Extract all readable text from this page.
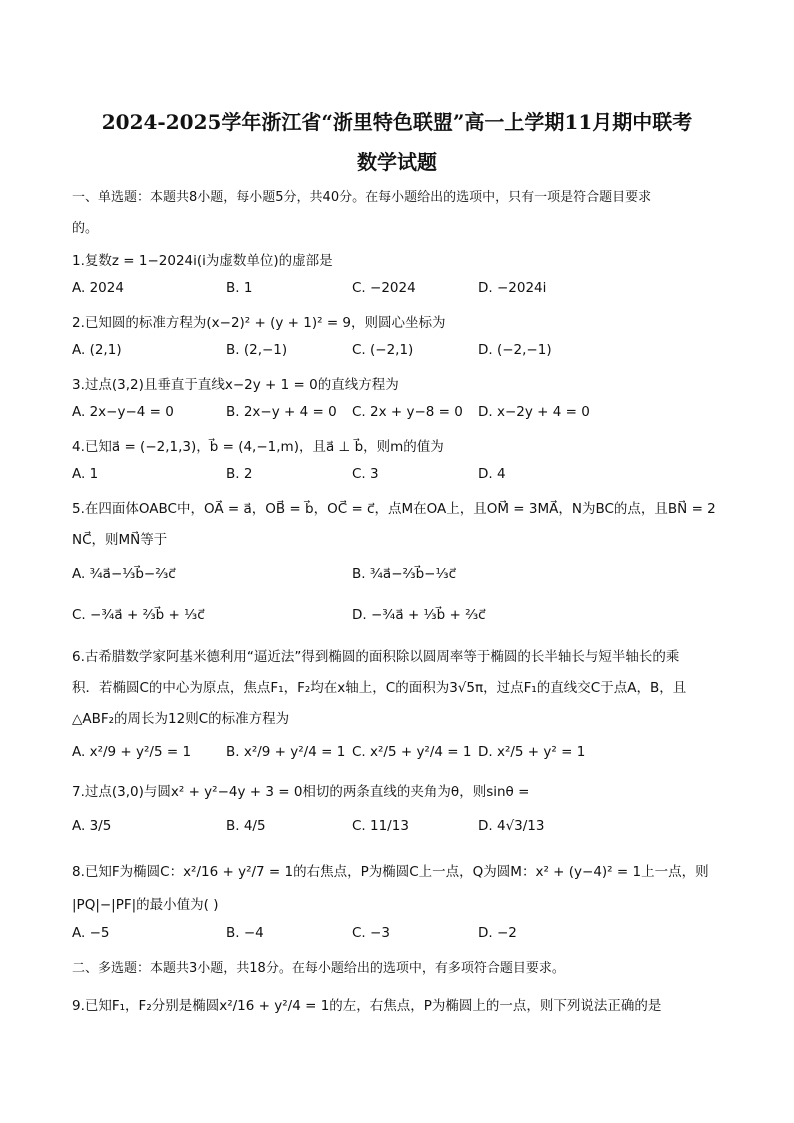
2024-2025学年浙江省“浙里特色联盟”高一上学期11月期中联考
数学试题
一、单选题：本题共8小题，每小题5分，共40分。在每小题给出的选项中，只有一项是符合题目要求
的。
1.复数z = 1−2024i(i为虚数单位)的虚部是
A. 2024	B. 1	C. −2024	D. −2024i
2.已知圆的标准方程为(x−2)² + (y + 1)² = 9，则圆心坐标为
A. (2,1)	B. (2,−1)	C. (−2,1)	D. (−2,−1)
3.过点(3,2)且垂直于直线x−2y + 1 = 0的直线方程为
A. 2x−y−4 = 0	B. 2x−y + 4 = 0 C. 2x + y−8 = 0 D. x−2y + 4 = 0
4.已知a⃗ = (−2,1,3)，b⃗ = (4,−1,m)，且a⃗ ⊥ b⃗，则m的值为
A. 1	B. 2	C. 3	D. 4
5.在四面体OABC中，OA⃗ = a⃗，OB⃗ = b⃗，OC⃗ = c⃗，点M在OA上，且OM⃗ = 3MA⃗，N为BC的点，且BN⃗ = 2
NC⃗，则MN⃗等于
A. ¾a⃗−⅓b⃗−⅔c⃗	B. ¾a⃗−⅔b⃗−⅓c⃗
C. −¾a⃗ + ⅔b⃗ + ⅓c⃗	D. −¾a⃗ + ⅓b⃗ + ⅔c⃗
6.古希腊数学家阿基米德利用“逼近法”得到椭圆的面积除以圆周率等于椭圆的长半轴长与短半轴长的乘
积．若椭圆C的中心为原点，焦点F₁，F₂均在x轴上，C的面积为3√5π，过点F₁的直线交C于点A，B，且
△ABF₂的周长为12则C的标准方程为
A. x²/9 + y²/5 = 1	B. x²/9 + y²/4 = 1 C. x²/5 + y²/4 = 1 D. x²/5 + y² = 1
7.过点(3,0)与圆x² + y²−4y + 3 = 0相切的两条直线的夹角为θ，则sinθ =
A. 3/5	B. 4/5	C. 11/13	D. 4√3/13
8.已知F为椭圆C：x²/16 + y²/7 = 1的右焦点，P为椭圆C上一点，Q为圆M：x² + (y−4)² = 1上一点，则
|PQ|−|PF|的最小值为( )
A. −5	B. −4	C. −3	D. −2
二、多选题：本题共3小题，共18分。在每小题给出的选项中，有多项符合题目要求。
9.已知F₁，F₂分别是椭圆x²/16 + y²/4 = 1的左，右焦点，P为椭圆上的一点，则下列说法正确的是
